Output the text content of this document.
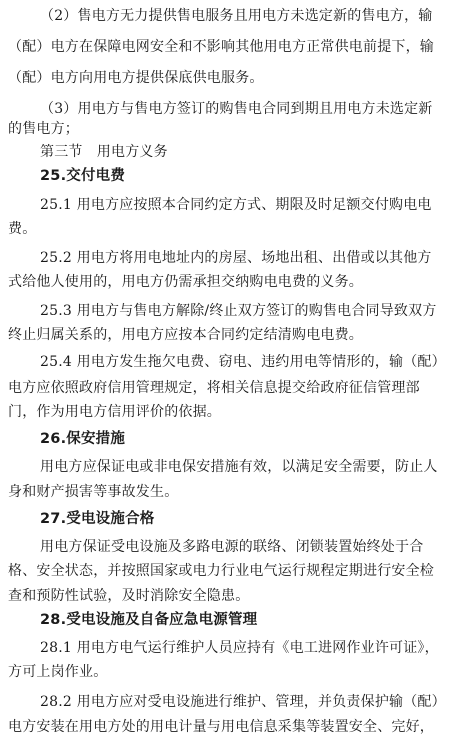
（2）售电方无力提供售电服务且用电方未选定新的售电方，输
（配）电方在保障电网安全和不影响其他用电方正常供电前提下，输
（配）电方向用电方提供保底供电服务。
（3）用电方与售电方签订的购售电合同到期且用电方未选定新
的售电方；
第三节　用电方义务
25.交付电费
25.1 用电方应按照本合同约定方式、期限及时足额交付购电电
费。
25.2 用电方将用电地址内的房屋、场地出租、出借或以其他方
式给他人使用的，用电方仍需承担交纳购电电费的义务。
25.3 用电方与售电方解除/终止双方签订的购售电合同导致双方
终止归属关系的，用电方应按本合同约定结清购电电费。
25.4 用电方发生拖欠电费、窃电、违约用电等情形的，输（配）
电方应依照政府信用管理规定，将相关信息提交给政府征信管理部
门，作为用电方信用评价的依据。
26.保安措施
用电方应保证电或非电保安措施有效，以满足安全需要，防止人
身和财产损害等事故发生。
27.受电设施合格
用电方保证受电设施及多路电源的联络、闭锁装置始终处于合
格、安全状态，并按照国家或电力行业电气运行规程定期进行安全检
查和预防性试验，及时消除安全隐患。
28.受电设施及自备应急电源管理
28.1 用电方电气运行维护人员应持有《电工进网作业许可证》，
方可上岗作业。
28.2 用电方应对受电设施进行维护、管理，并负责保护输（配）
电方安装在用电方处的用电计量与用电信息采集等装置安全、完好，
